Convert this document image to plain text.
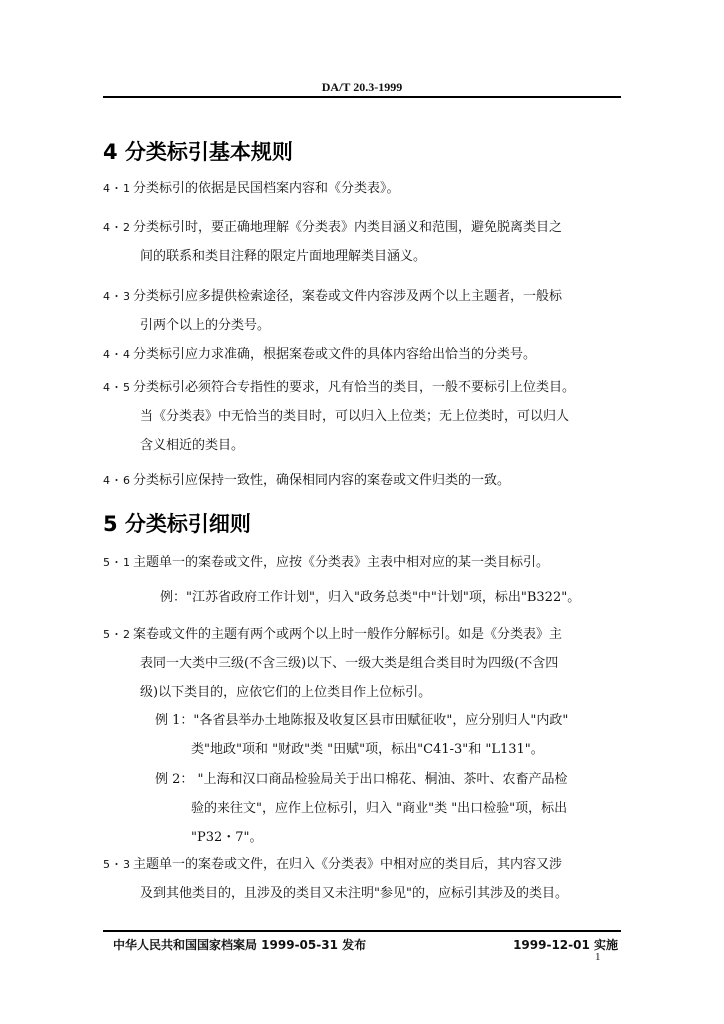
DA/T 20.3-1999
4 分类标引基本规则
4・1 分类标引的依据是民国档案内容和《分类表》。
4・2 分类标引时，要正确地理解《分类表》内类目涵义和范围，避免脱离类目之
间的联系和类目注释的限定片面地理解类目涵义。
4・3 分类标引应多提供检索途径，案卷或文件内容涉及两个以上主题者，一般标
引两个以上的分类号。
4・4 分类标引应力求准确，根据案卷或文件的具体内容给出恰当的分类号。
4・5 分类标引必须符合专指性的要求，凡有恰当的类目，一般不要标引上位类目。
当《分类表》中无恰当的类目时，可以归入上位类；无上位类时，可以归人
含义相近的类目。
4・6 分类标引应保持一致性，确保相同内容的案卷或文件归类的一致。
5 分类标引细则
5・1 主题单一的案卷或文件，应按《分类表》主表中相对应的某一类目标引。
例："江苏省政府工作计划"，归入"政务总类"中"计划"项，标出"B322"。
5・2 案卷或文件的主题有两个或两个以上时一般作分解标引。如是《分类表》主
表同一大类中三级(不含三级)以下、一级大类是组合类目时为四级(不含四
级)以下类目的，应依它们的上位类目作上位标引。
例 1："各省县举办土地陈报及收复区县市田赋征收"，应分别归人"内政"
类"地政"项和 "财政"类 "田赋"项，标出"C41-3"和 "L131"。
例 2： "上海和汉口商品检验局关于出口棉花、桐油、茶叶、农畜产品检
验的来往文"，应作上位标引，归入 "商业"类 "出口检验"项，标出
"P32・7"。
5・3 主题单一的案卷或文件，在归入《分类表》中相对应的类目后，其内容又涉
及到其他类目的，且涉及的类目又未注明"参见"的，应标引其涉及的类目。
中华人民共和国国家档案局 1999-05-31 发布	1999-12-01 实施
1
